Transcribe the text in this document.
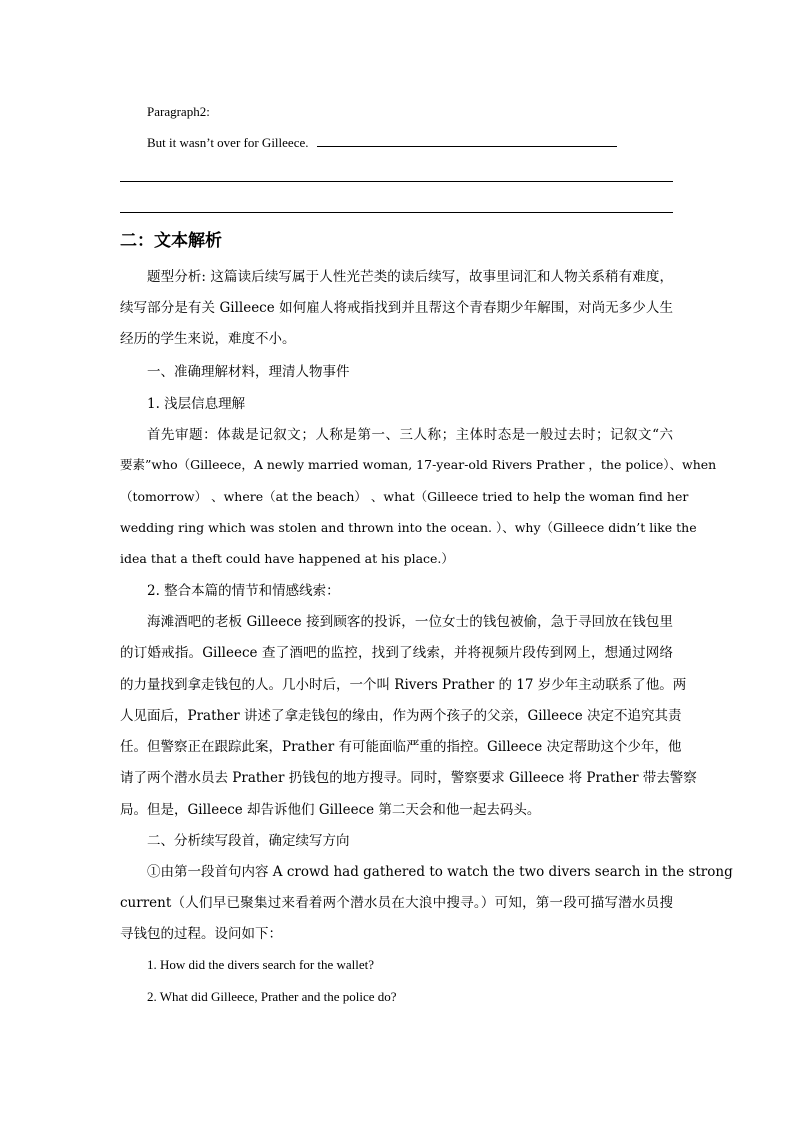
Paragraph2:
But it wasn’t over for Gilleece.
二：文本解析
题型分析: 这篇读后续写属于人性光芒类的读后续写，故事里词汇和人物关系稍有难度，
续写部分是有关 Gilleece 如何雇人将戒指找到并且帮这个青春期少年解围，对尚无多少人生
经历的学生来说，难度不小。
一、准确理解材料，理清人物事件
1. 浅层信息理解
首先审题：体裁是记叙文；人称是第一、三人称；主体时态是一般过去时；记叙文“六
要素”who（Gilleece，A newly married woman, 17-year-old Rivers Prather ，the police）、when
（tomorrow） 、where（at the beach） 、what（Gilleece tried to help the woman find her
wedding ring which was stolen and thrown into the ocean. ）、why（Gilleece didn’t like the
idea that a theft could have happened at his place.）
2. 整合本篇的情节和情感线索：
海滩酒吧的老板 Gilleece 接到顾客的投诉，一位女士的钱包被偷，急于寻回放在钱包里
的订婚戒指。Gilleece 查了酒吧的监控，找到了线索，并将视频片段传到网上，想通过网络
的力量找到拿走钱包的人。几小时后，一个叫 Rivers Prather 的 17 岁少年主动联系了他。两
人见面后，Prather 讲述了拿走钱包的缘由，作为两个孩子的父亲，Gilleece 决定不追究其责
任。但警察正在跟踪此案，Prather 有可能面临严重的指控。Gilleece 决定帮助这个少年，他
请了两个潜水员去 Prather 扔钱包的地方搜寻。同时，警察要求 Gilleece 将 Prather 带去警察
局。但是，Gilleece 却告诉他们 Gilleece 第二天会和他一起去码头。
二、分析续写段首，确定续写方向
①由第一段首句内容 A crowd had gathered to watch the two divers search in the strong
current（人们早已聚集过来看着两个潜水员在大浪中搜寻。）可知，第一段可描写潜水员搜
寻钱包的过程。设问如下：
1. How did the divers search for the wallet?
2. What did Gilleece, Prather and the police do?
